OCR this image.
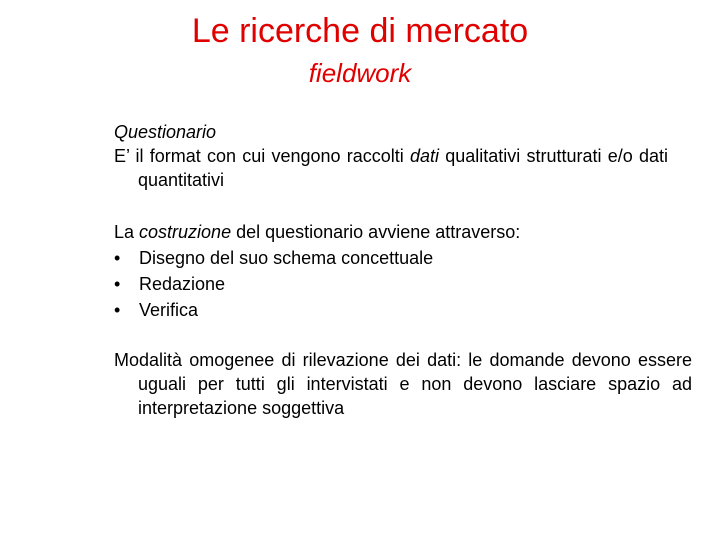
Le ricerche di mercato
fieldwork
Questionario
E’ il format con cui vengono raccolti dati qualitativi strutturati e/o dati quantitativi
La costruzione del questionario avviene attraverso:
•	Disegno del suo schema concettuale
•	Redazione
•	Verifica
Modalità omogenee di rilevazione dei dati: le domande devono essere uguali per tutti gli intervistati e non devono lasciare spazio ad interpretazione soggettiva
